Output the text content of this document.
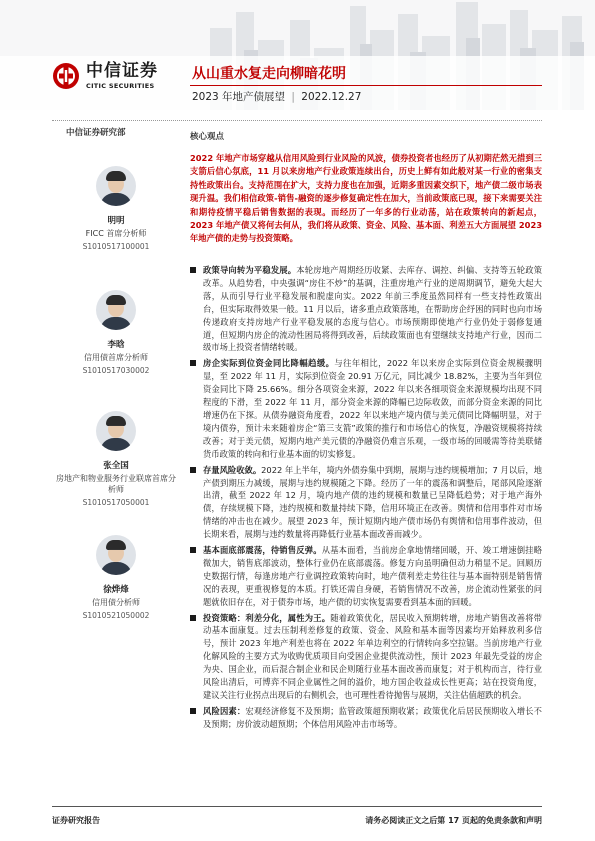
中信证券
CITIC SECURITIES
从山重水复走向柳暗花明
2023 年地产债展望 | 2022.12.27
中信证券研究部
明明
FICC 首席分析师
S1010517100001
李晗
信用债首席分析师
S1010517030002
张全国
房地产和物业服务行业联席首席分析师
S1010517050001
徐烨烽
信用债分析师
S1010521050002
核心观点
2022 年地产市场穿越从信用风险到行业风险的风波，债券投资者也经历了从初期茫然无措到三支箭后信心氛底，11 月以来房地产行业政策连续出台，历史上鲜有如此般对某一行业的密集支持性政策出台。支持范围在扩大，支持力度也在加强，近期多重因素交织下，地产债二级市场表现升温。我们相信政策-销售-融资的逐步修复确定性在加大，当前政策底已现，接下来需要关注和期待疫情平稳后销售数据的表现。而经历了一年多的行业动荡，站在政策转向的新起点，2023 年地产债又将何去何从，我们将从政策、资金、风险、基本面、利差五大方面展望 2023 年地产债的走势与投资策略。
政策导向转为平稳发展。本轮房地产周期经历收紧、去库存、调控、纠偏、支持等五轮政策改革。从趋势看，中央强调“房住不炒”的基调，注重房地产行业的逆周期调节，避免大起大落，从而引导行业平稳发展和脱虚向实。2022 年前三季度虽然同样有一些支持性政策出台，但实际取得效果一般。11 月以后，诸多重点政策落地，在帮助房企纾困的同时也向市场传递政府支持房地产行业平稳发展的态度与信心。市场预期即使地产行业仍处于弱修复通道，但短期内房企的流动性困局将得到改善，后续政策面也有望继续支持地产行业，因而二级市场上投资者情绪转暖。
房企实际到位资金同比降幅趋缓。与往年相比，2022 年以来房企实际到位资金规模骤明显，至 2022 年 11 月，实际到位资金 20.91 万亿元，同比减少 18.82%，主要为当年到位资金同比下降 25.66%。细分各项资金来源，2022 年以来各细项资金来源规模均出现不同程度的下滑，至 2022 年 11 月，部分资金来源的降幅已边际收敛，而部分资金来源的同比增速仍在下探。从债券融资角度看，2022 年以来地产境内债与美元债同比降幅明显，对于境内债券，预计未来随着房企“第三支箭”政策的推行和市场信心的恢复，净融资规模将持续改善；对于美元债，短期内地产美元债的净融资仍难言乐观，一级市场的回暖需等待美联储货币政策的转向和行业基本面的切实修复。
存量风险收敛。2022 年上半年，境内外债券集中到期，展期与违约规模增加；7 月以后，地产债到期压力减缓，展期与违约规模随之下降。经历了一年的震荡和调整后，尾部风险逐渐出清，截至 2022 年 12 月，境内地产债的违约规模和数量已呈降低趋势；对于地产海外债，存续规模下降，违约规模和数量持续下降，信用环境正在改善。舆情和信用事件对市场情绪的冲击也在减少。展望 2023 年，预计短期内地产债市场仍有舆情和信用事件波动，但长期来看，展期与违约数量将再降低行业基本面改善而减少。
基本面底部震荡，待销售反弹。从基本面看，当前房企拿地情绪回暖，开、竣工增速倒挂略微加大，销售底部波动，整体行业仍在底部震荡。修复方向虽明确但动力稍显不足。回顾历史数据行情，每逢房地产行业调控政策转向时，地产债利差走势往往与基本面特别是销售情况的表现，更重视修复的本质。打铁还需自身硬，若销售情况不改善，房企流动性紧张的问题就依旧存在，对于债券市场，地产债的切实恢复需要看到基本面的回暖。
投资策略：利差分化，属性为王。随着政策优化，居民收入预期转增，房地产销售改善将带动基本面康复。过去压制利差修复的政策、资金、风险和基本面等因素均开始释放利多信号，预计 2023 年地产利差也将在 2022 年单边利空的行情转向多空拉锯。当前房地产行业化解风险的主要方式为收购优质项目向受困企业提供流动性，预计 2023 年最先受益的房企为央、国企业，而后混合制企业和民企则随行业基本面改善而康复；对于机构而言，待行业风险出清后，可博弈不同企业属性之间的溢价，地方国企收益成长性更高；站在投资角度，建议关注行业拐点出现后的右侧机会，也可理性看待抛售与展期，关注估值超跌的机会。
风险因素：宏观经济修复不及预期；监管政策超预期收紧；政策优化后居民预期收入增长不及预期；房价波动超预期；个体信用风险冲击市场等。
证券研究报告	请务必阅读正文之后第 17 页起的免责条款和声明
